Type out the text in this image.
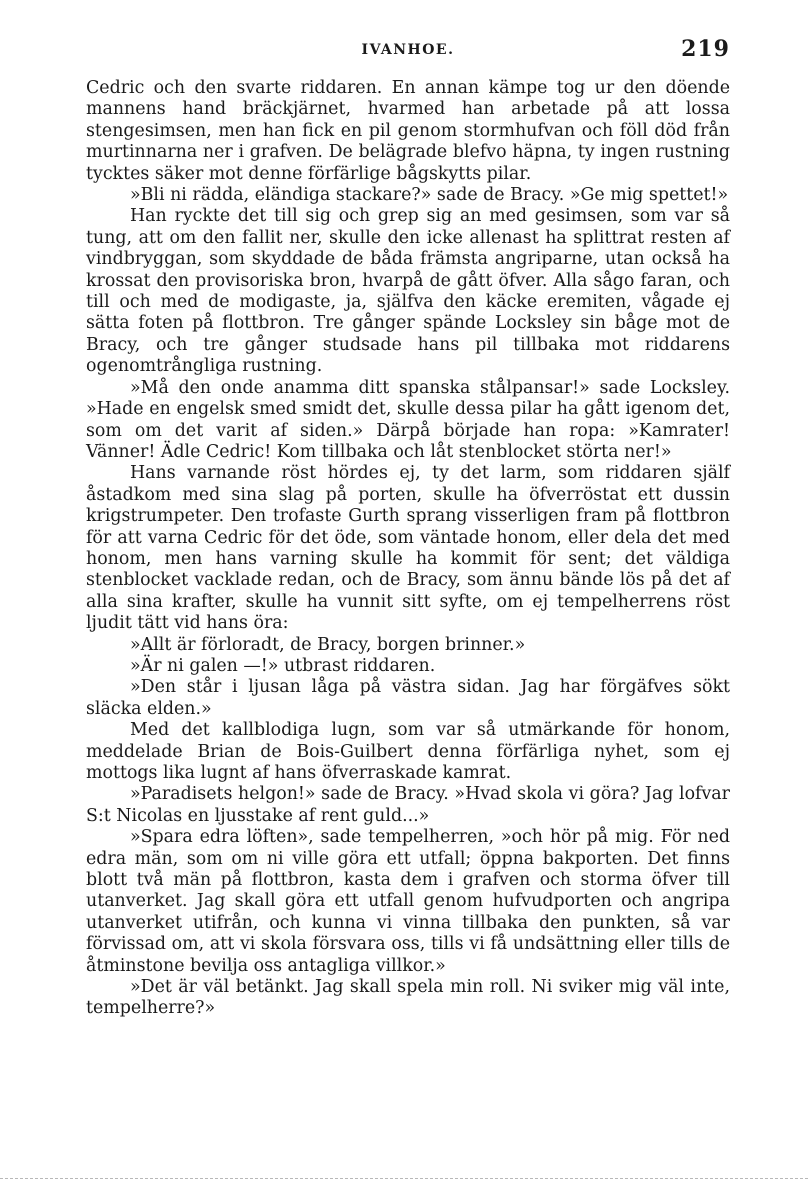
IVANHOE.	219

Cedric och den svarte riddaren. En annan kämpe tog ur den döende mannens hand bräckjärnet, hvarmed han arbetade på att lossa stengesimsen, men han fick en pil genom stormhufvan och föll död från murtinnarna ner i grafven. De belägrade blefvo häpna, ty ingen rustning tycktes säker mot denne förfärlige bågskytts pilar.

»Bli ni rädda, eländiga stackare?» sade de Bracy. »Ge mig spettet!»

Han ryckte det till sig och grep sig an med gesimsen, som var så tung, att om den fallit ner, skulle den icke allenast ha splittrat resten af vindbryggan, som skyddade de båda främsta angriparne, utan också ha krossat den provisoriska bron, hvarpå de gått öfver. Alla sågo faran, och till och med de modigaste, ja, själfva den käcke eremiten, vågade ej sätta foten på flottbron. Tre gånger spände Locksley sin båge mot de Bracy, och tre gånger studsade hans pil tillbaka mot riddarens ogenomtrångliga rustning.

»Må den onde anamma ditt spanska stålpansar!» sade Locksley. »Hade en engelsk smed smidt det, skulle dessa pilar ha gått igenom det, som om det varit af siden.» Därpå började han ropa: »Kamrater! Vänner! Ädle Cedric! Kom tillbaka och låt stenblocket störta ner!»

Hans varnande röst hördes ej, ty det larm, som riddaren själf åstadkom med sina slag på porten, skulle ha öfverröstat ett dussin krigstrumpeter. Den trofaste Gurth sprang visserligen fram på flottbron för att varna Cedric för det öde, som väntade honom, eller dela det med honom, men hans varning skulle ha kommit för sent; det väldiga stenblocket vacklade redan, och de Bracy, som ännu bände lös på det af alla sina krafter, skulle ha vunnit sitt syfte, om ej tempelherrens röst ljudit tätt vid hans öra:

»Allt är förloradt, de Bracy, borgen brinner.»

»Är ni galen —!» utbrast riddaren.

»Den står i ljusan låga på västra sidan. Jag har förgäfves sökt släcka elden.»

Med det kallblodiga lugn, som var så utmärkande för honom, meddelade Brian de Bois-Guilbert denna förfärliga nyhet, som ej mottogs lika lugnt af hans öfverraskade kamrat.

»Paradisets helgon!» sade de Bracy. »Hvad skola vi göra? Jag lofvar S:t Nicolas en ljusstake af rent guld...»

»Spara edra löften», sade tempelherren, »och hör på mig. För ned edra män, som om ni ville göra ett utfall; öppna bakporten. Det finns blott två män på flottbron, kasta dem i grafven och storma öfver till utanverket. Jag skall göra ett utfall genom hufvudporten och angripa utanverket utifrån, och kunna vi vinna tillbaka den punkten, så var förvissad om, att vi skola försvara oss, tills vi få undsättning eller tills de åtminstone bevilja oss antagliga villkor.»

»Det är väl betänkt. Jag skall spela min roll. Ni sviker mig väl inte, tempelherre?»
